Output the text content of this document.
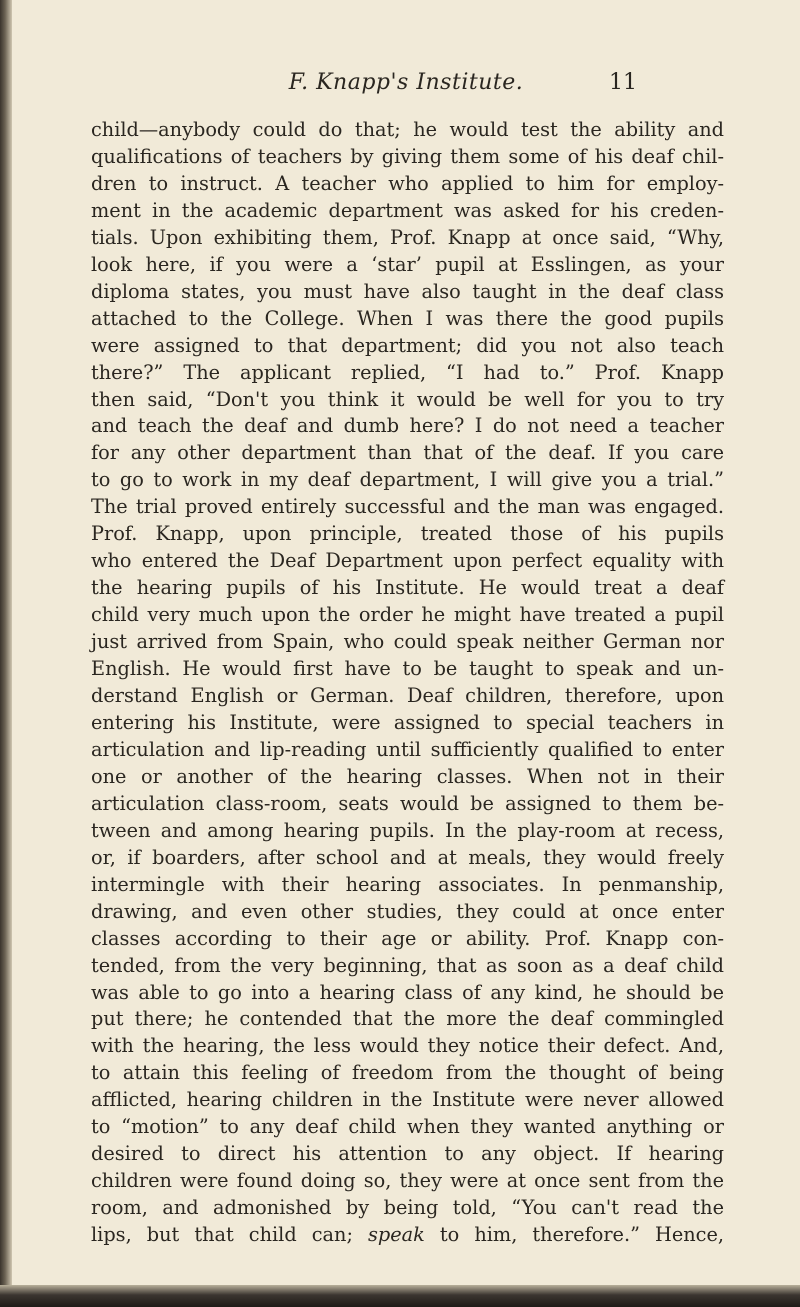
F. Knapp's Institute.	11
child—anybody could do that; he would test the ability and
qualifications of teachers by giving them some of his deaf chil-
dren to instruct. A teacher who applied to him for employ-
ment in the academic department was asked for his creden-
tials. Upon exhibiting them, Prof. Knapp at once said, “Why,
look here, if you were a ‘star’ pupil at Esslingen, as your
diploma states, you must have also taught in the deaf class
attached to the College. When I was there the good pupils
were assigned to that department; did you not also teach
there?” The applicant replied, “I had to.” Prof. Knapp
then said, “Don't you think it would be well for you to try
and teach the deaf and dumb here? I do not need a teacher
for any other department than that of the deaf. If you care
to go to work in my deaf department, I will give you a trial.”
The trial proved entirely successful and the man was engaged.
Prof. Knapp, upon principle, treated those of his pupils
who entered the Deaf Department upon perfect equality with
the hearing pupils of his Institute. He would treat a deaf
child very much upon the order he might have treated a pupil
just arrived from Spain, who could speak neither German nor
English. He would first have to be taught to speak and un-
derstand English or German. Deaf children, therefore, upon
entering his Institute, were assigned to special teachers in
articulation and lip-reading until sufficiently qualified to enter
one or another of the hearing classes. When not in their
articulation class-room, seats would be assigned to them be-
tween and among hearing pupils. In the play-room at recess,
or, if boarders, after school and at meals, they would freely
intermingle with their hearing associates. In penmanship,
drawing, and even other studies, they could at once enter
classes according to their age or ability. Prof. Knapp con-
tended, from the very beginning, that as soon as a deaf child
was able to go into a hearing class of any kind, he should be
put there; he contended that the more the deaf commingled
with the hearing, the less would they notice their defect. And,
to attain this feeling of freedom from the thought of being
afflicted, hearing children in the Institute were never allowed
to “motion” to any deaf child when they wanted anything or
desired to direct his attention to any object. If hearing
children were found doing so, they were at once sent from the
room, and admonished by being told, “You can't read the
lips, but that child can; speak to him, therefore.” Hence,
